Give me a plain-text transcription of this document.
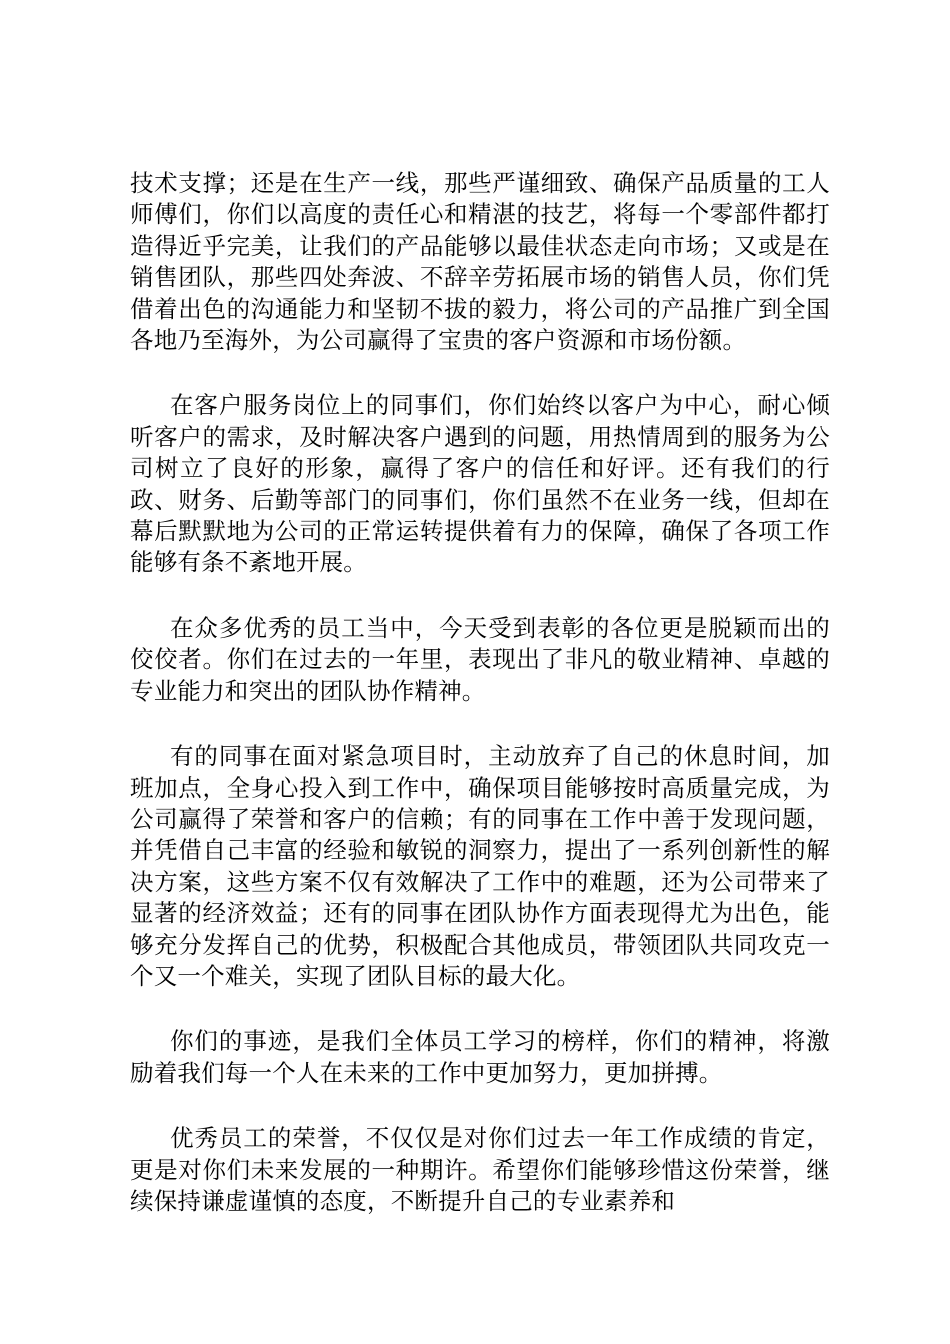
技术支撑；还是在生产一线，那些严谨细致、确保产品质量的工人师傅们，你们以高度的责任心和精湛的技艺，将每一个零部件都打造得近乎完美，让我们的产品能够以最佳状态走向市场；又或是在销售团队，那些四处奔波、不辞辛劳拓展市场的销售人员，你们凭借着出色的沟通能力和坚韧不拔的毅力，将公司的产品推广到全国各地乃至海外，为公司赢得了宝贵的客户资源和市场份额。

在客户服务岗位上的同事们，你们始终以客户为中心，耐心倾听客户的需求，及时解决客户遇到的问题，用热情周到的服务为公司树立了良好的形象，赢得了客户的信任和好评。还有我们的行政、财务、后勤等部门的同事们，你们虽然不在业务一线，但却在幕后默默地为公司的正常运转提供着有力的保障，确保了各项工作能够有条不紊地开展。

在众多优秀的员工当中，今天受到表彰的各位更是脱颖而出的佼佼者。你们在过去的一年里，表现出了非凡的敬业精神、卓越的专业能力和突出的团队协作精神。

有的同事在面对紧急项目时，主动放弃了自己的休息时间，加班加点，全身心投入到工作中，确保项目能够按时高质量完成，为公司赢得了荣誉和客户的信赖；有的同事在工作中善于发现问题，并凭借自己丰富的经验和敏锐的洞察力，提出了一系列创新性的解决方案，这些方案不仅有效解决了工作中的难题，还为公司带来了显著的经济效益；还有的同事在团队协作方面表现得尤为出色，能够充分发挥自己的优势，积极配合其他成员，带领团队共同攻克一个又一个难关，实现了团队目标的最大化。

你们的事迹，是我们全体员工学习的榜样，你们的精神，将激励着我们每一个人在未来的工作中更加努力，更加拼搏。

优秀员工的荣誉，不仅仅是对你们过去一年工作成绩的肯定，更是对你们未来发展的一种期许。希望你们能够珍惜这份荣誉，继续保持谦虚谨慎的态度，不断提升自己的专业素养和
